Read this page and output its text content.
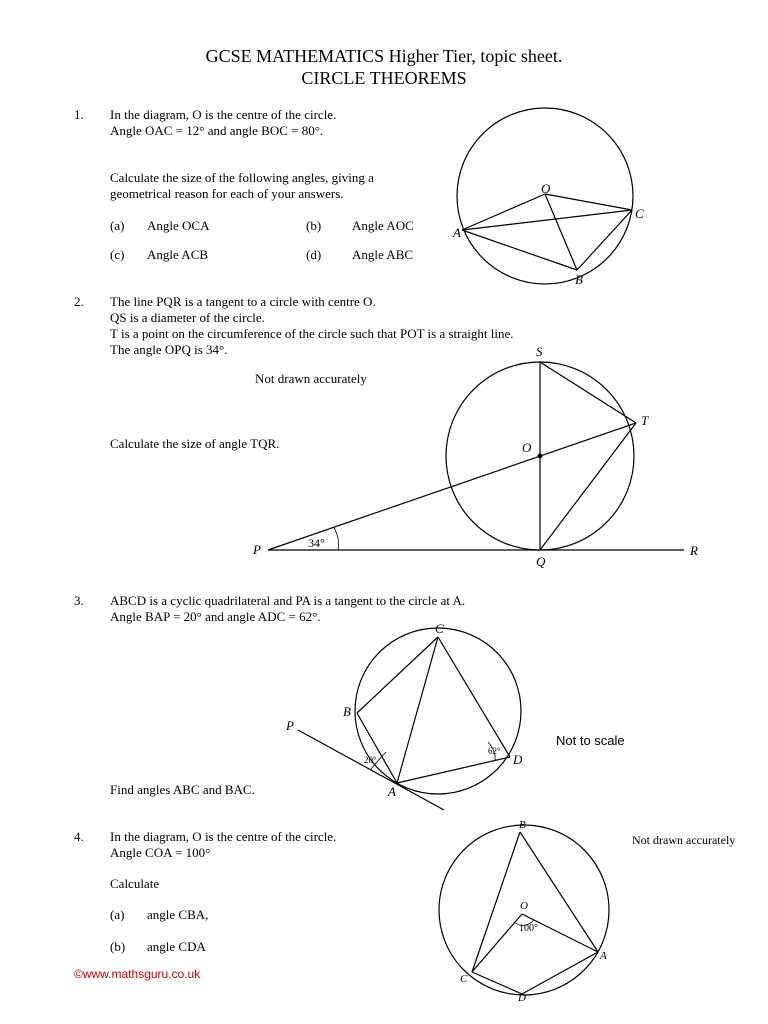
GCSE MATHEMATICS Higher Tier, topic sheet.
CIRCLE THEOREMS
1. In the diagram, O is the centre of the circle.
Angle OAC = 12° and angle BOC = 80°.
Calculate the size of the following angles, giving a
geometrical reason for each of your answers.
(a) Angle OCA	(b) Angle AOC
(c) Angle ACB	(d) Angle ABC
2. The line PQR is a tangent to a circle with centre O.
QS is a diameter of the circle.
T is a point on the circumference of the circle such that POT is a straight line.
The angle OPQ is 34°.
Not drawn accurately
Calculate the size of angle TQR.
3. ABCD is a cyclic quadrilateral and PA is a tangent to the circle at A.
Angle BAP = 20° and angle ADC = 62°.
Not to scale
Find angles ABC and BAC.
4. In the diagram, O is the centre of the circle.
Angle COA = 100°
Calculate
(a) angle CBA,
(b) angle CDA
Not drawn accurately
©www.mathsguru.co.uk
O
A
B
C
S
T
O
P
Q
R
34°
C
B
P
D
A
20°
62°
B
O
A
C
D
100°
